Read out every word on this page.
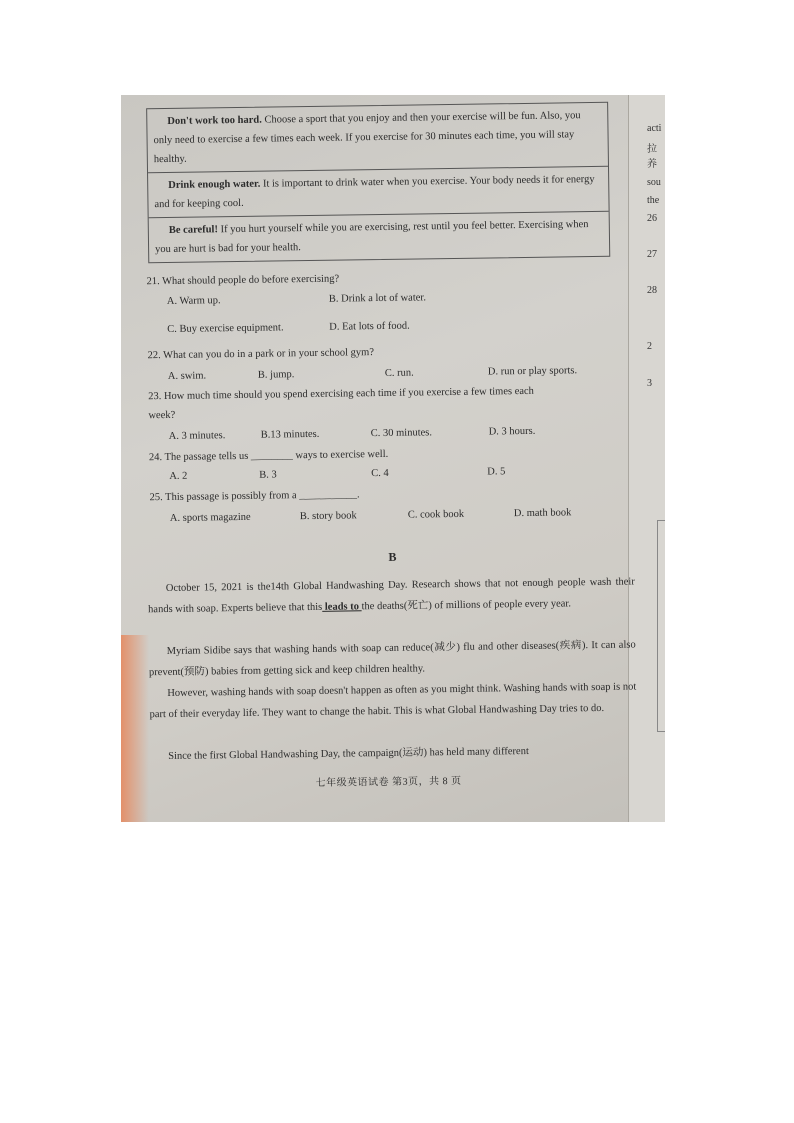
acti
拉养
sou
the
26
27
28
2
3
Don't work too hard. Choose a sport that you enjoy and then your exercise will be fun. Also, you only need to exercise a few times each week. If you exercise for 30 minutes each time, you will stay healthy.
Drink enough water. It is important to drink water when you exercise. Your body needs it for energy and for keeping cool.
Be careful! If you hurt yourself while you are exercising, rest until you feel better. Exercising when you are hurt is bad for your health.
21. What should people do before exercising?
A. Warm up.	B. Drink a lot of water.
C. Buy exercise equipment.	D. Eat lots of food.
22. What can you do in a park or in your school gym?
A. swim.	B. jump.	C. run.	D. run or play sports.
23. How much time should you spend exercising each time if you exercise a few times each
week?
A. 3 minutes.	B.13 minutes.	C. 30 minutes.	D. 3 hours.
24. The passage tells us ________ ways to exercise well.
A. 2	B. 3	C. 4	D. 5
25. This passage is possibly from a ___________.
A. sports magazine	B. story book	C. cook book	D. math book
B
October 15, 2021 is the14th Global Handwashing Day. Research shows that not enough people wash their hands with soap. Experts believe that this leads to the deaths(死亡) of millions of people every year.
Myriam Sidibe says that washing hands with soap can reduce(减少) flu and other diseases(疾病). It can also prevent(预防) babies from getting sick and keep children healthy.
However, washing hands with soap doesn't happen as often as you might think. Washing hands with soap is not part of their everyday life. They want to change the habit. This is what Global Handwashing Day tries to do.
Since the first Global Handwashing Day, the campaign(运动) has held many different
七年级英语试卷 第3页，共 8 页
